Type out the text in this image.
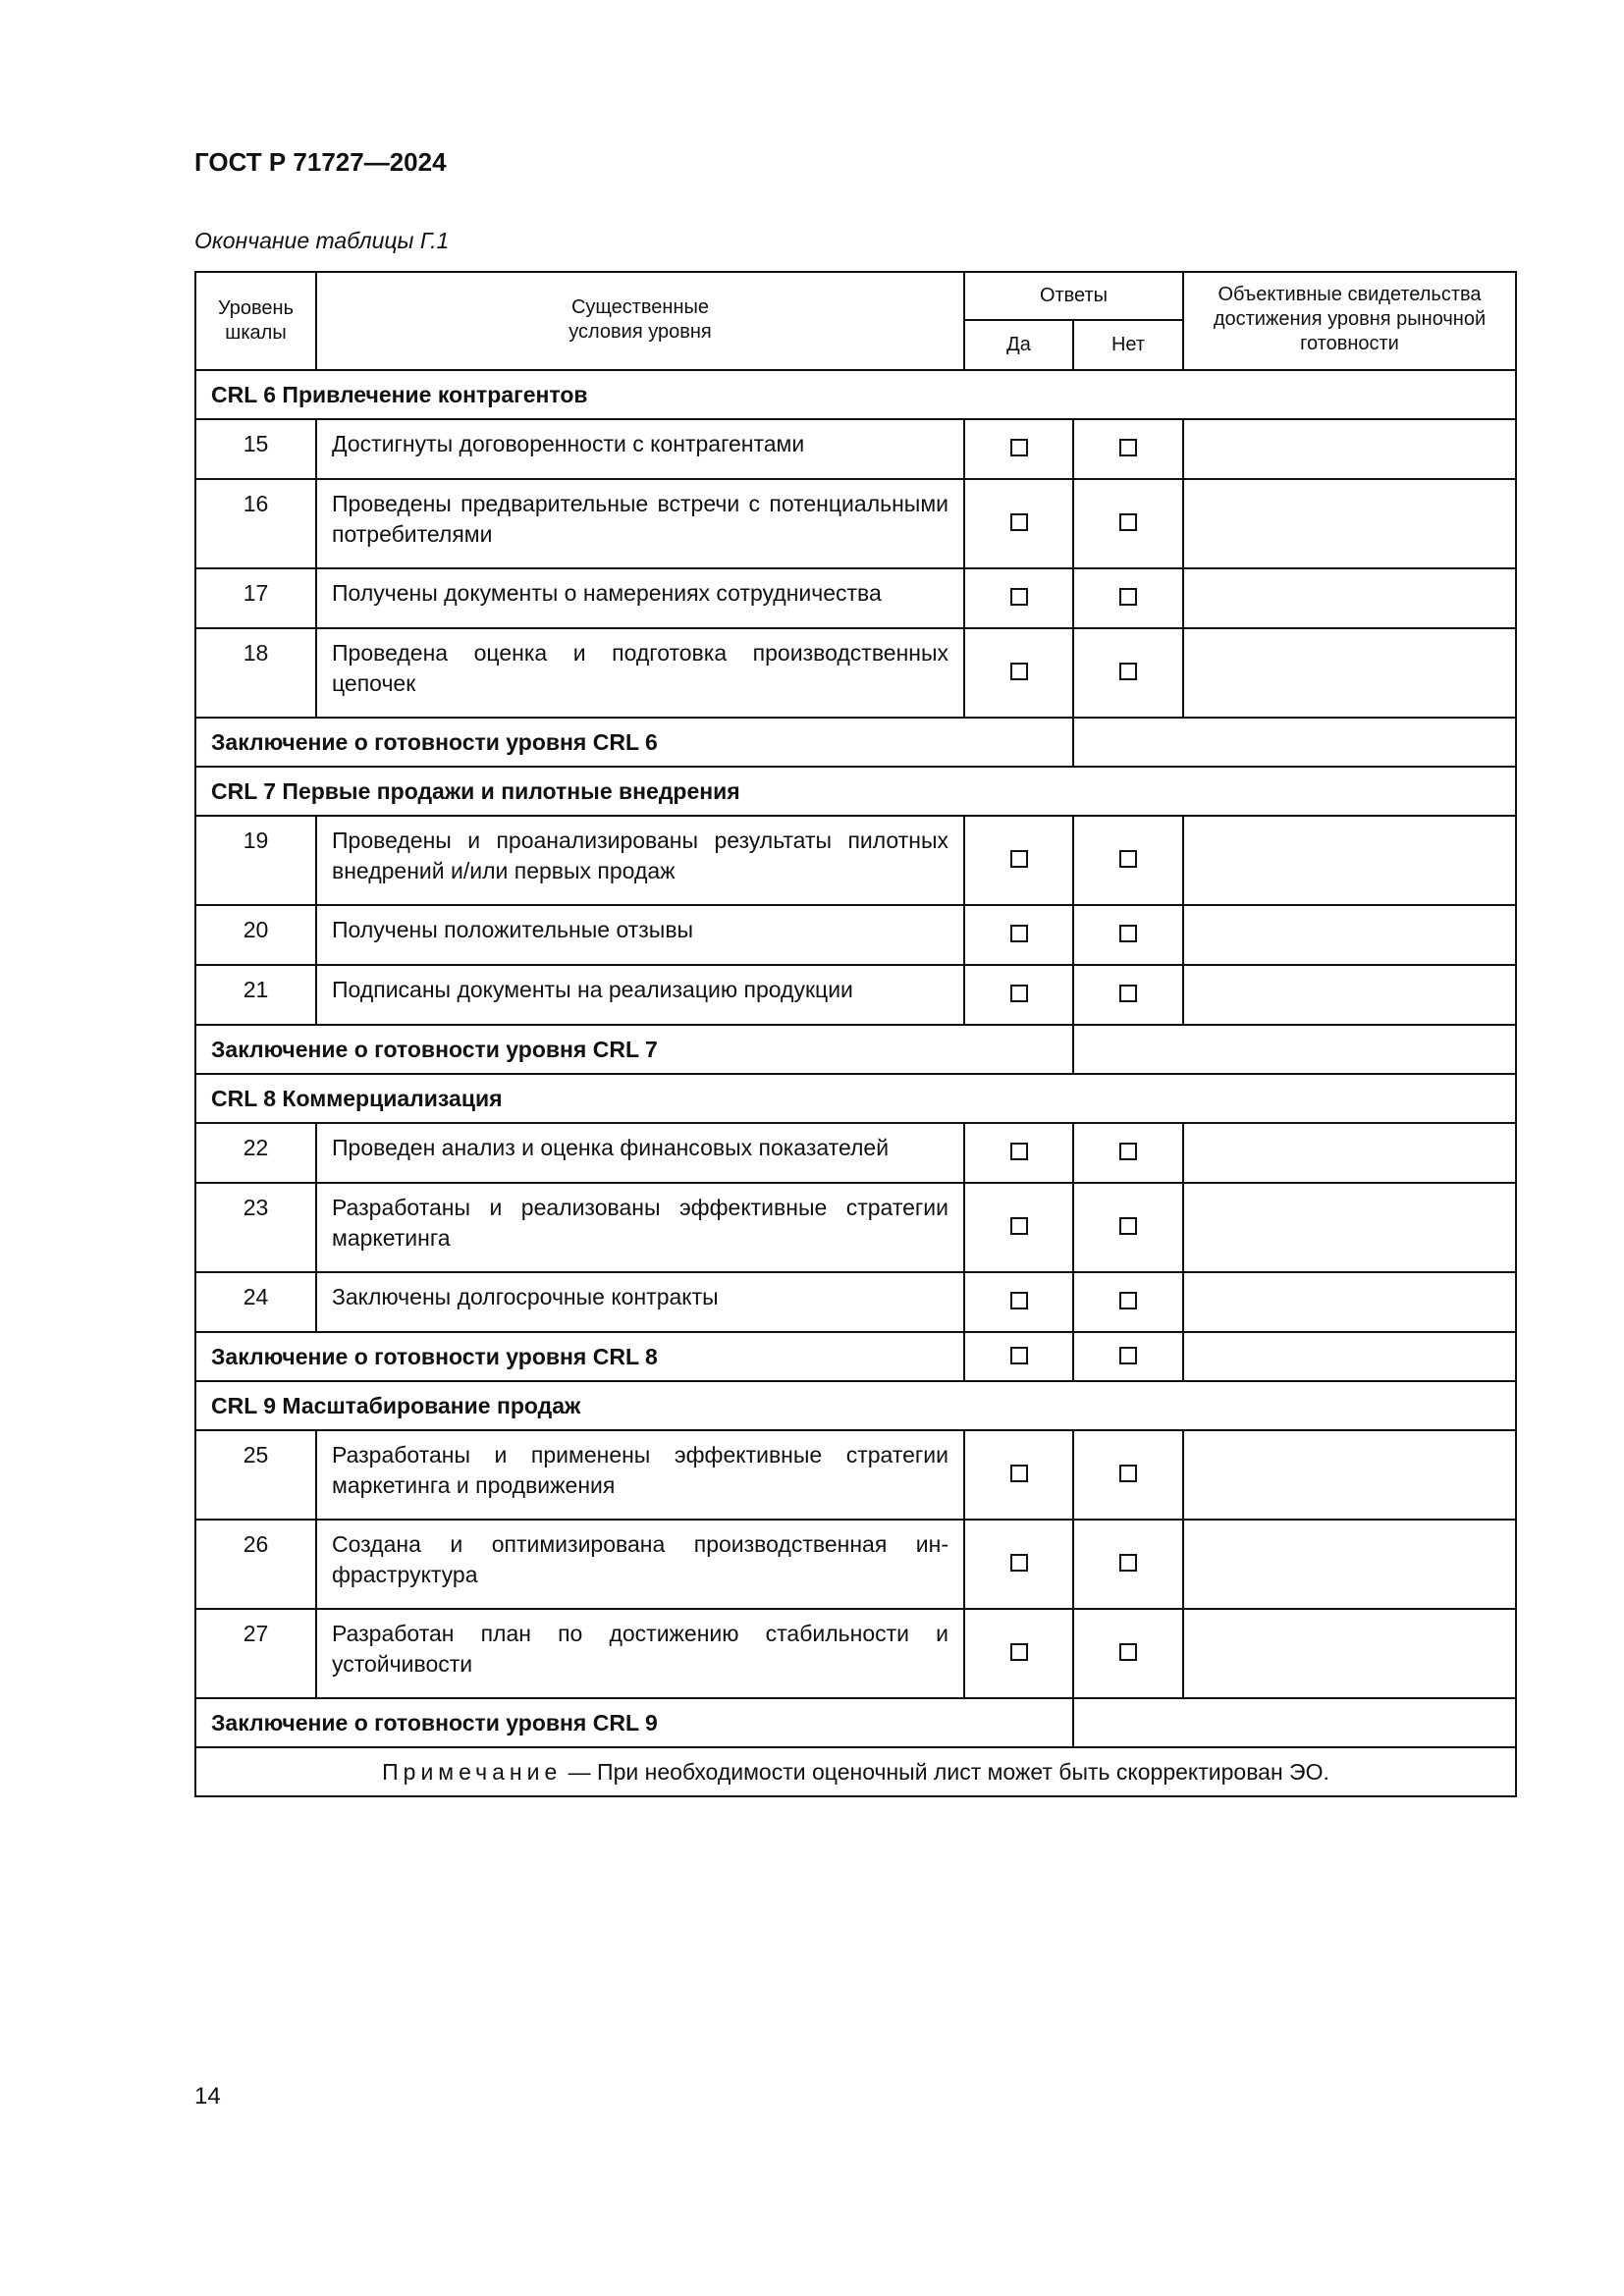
ГОСТ Р 71727—2024
Окончание таблицы Г.1
Уровень шкалы	Существенные условия уровня	Ответы		Объективные свидетельства достижения уровня рыночной готовности

		Да	Нет	
CRL 6 Привлечение контрагентов				
15	Достигнуты договоренности с контрагентами			
16	Проведены предварительные встречи с потенциальными потребителями			
17	Получены документы о намерениях сотрудничества			
18	Проведена оценка и подготовка производственных цепочек			
Заключение о готовности уровня CRL 6				
CRL 7 Первые продажи и пилотные внедрения				
19	Проведены и проанализированы результаты пилотных внедрений и/или первых продаж			
20	Получены положительные отзывы			
21	Подписаны документы на реализацию продукции			
Заключение о готовности уровня CRL 7				
CRL 8 Коммерциализация				
22	Проведен анализ и оценка финансовых показателей			
23	Разработаны и реализованы эффективные стратегии маркетинга			
24	Заключены долгосрочные контракты			
Заключение о готовности уровня CRL 8				
CRL 9 Масштабирование продаж				
25	Разработаны и применены эффективные стратегии маркетинга и продвижения			
26	Создана и оптимизирована производственная инфраструктура			
27	Разработан план по достижению стабильности и устойчивости			
Заключение о готовности уровня CRL 9				
Примечание — При необходимости оценочный лист может быть скорректирован ЭО.				
14
